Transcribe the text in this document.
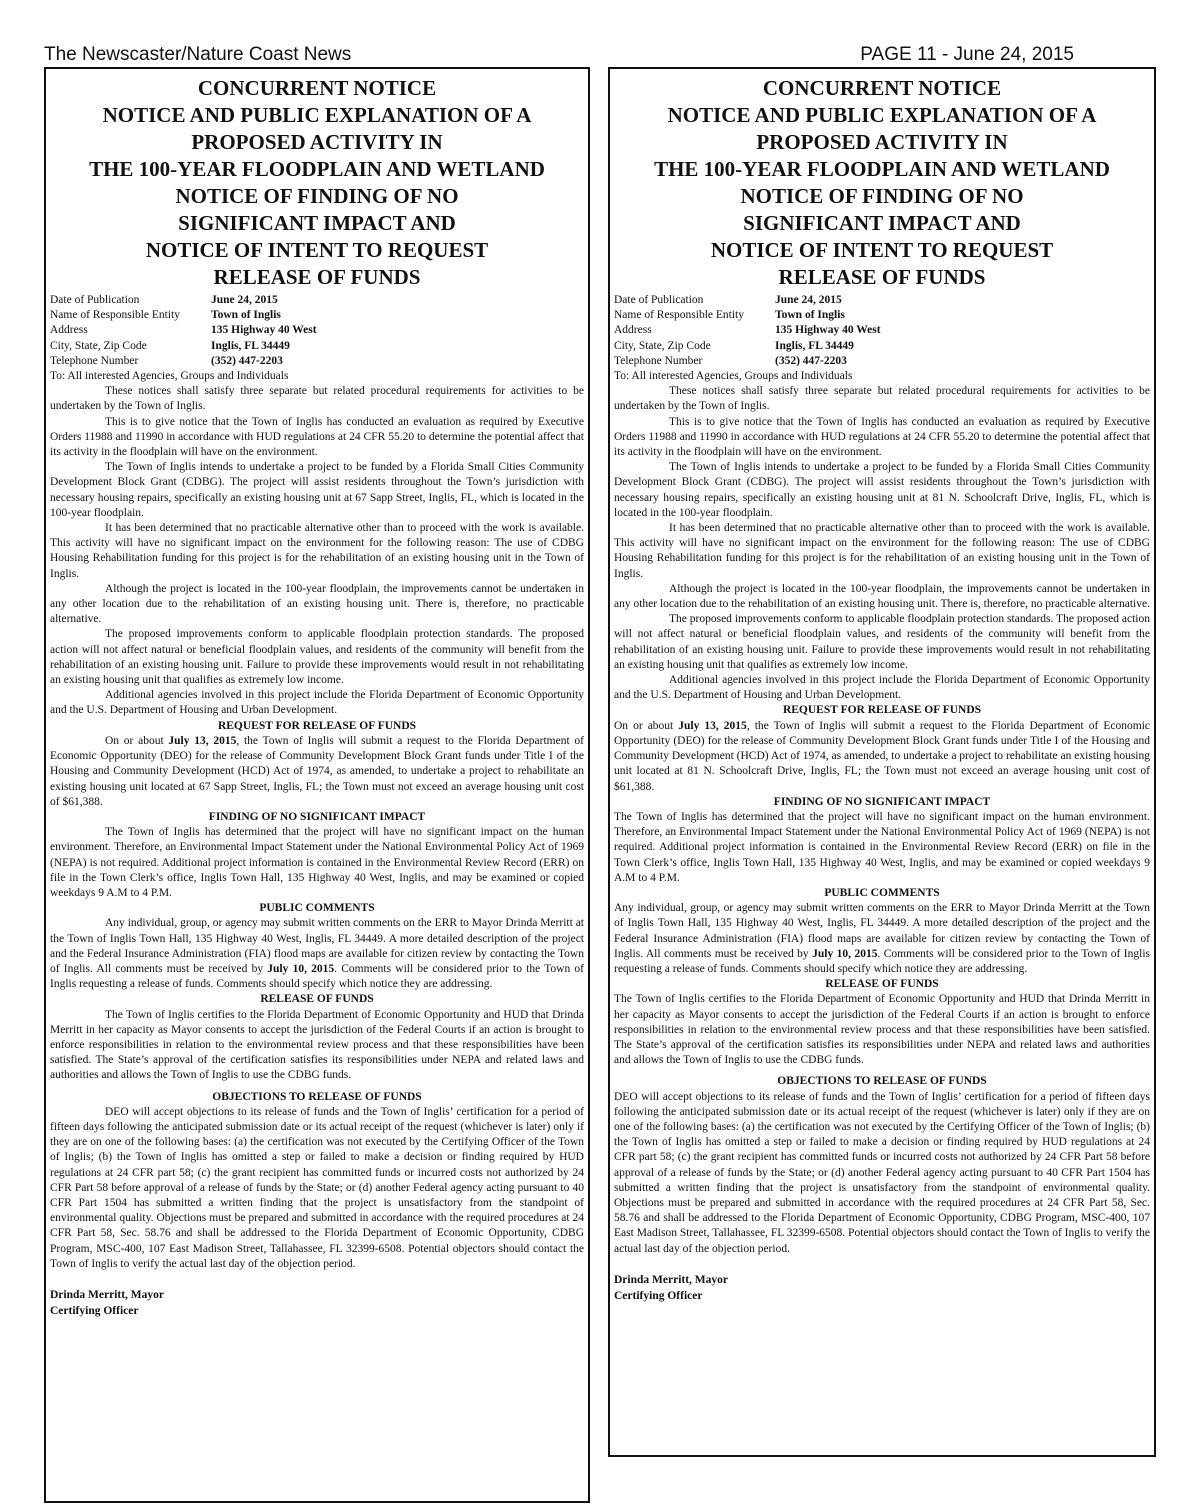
The Newscaster/Nature Coast News	PAGE 11 - June 24, 2015
CONCURRENT NOTICE
NOTICE AND PUBLIC EXPLANATION OF A
PROPOSED ACTIVITY IN
THE 100-YEAR FLOODPLAIN AND WETLAND
NOTICE OF FINDING OF NO
SIGNIFICANT IMPACT AND
NOTICE OF INTENT TO REQUEST
RELEASE OF FUNDS
Date of Publication	June 24, 2015
Name of Responsible Entity	Town of Inglis
Address	135 Highway 40 West
City, State, Zip Code	Inglis, FL 34449
Telephone Number	(352) 447-2203
To: All interested Agencies, Groups and Individuals

These notices shall satisfy three separate but related procedural requirements for activities to be undertaken by the Town of Inglis.

This is to give notice that the Town of Inglis has conducted an evaluation as required by Executive Orders 11988 and 11990 in accordance with HUD regulations at 24 CFR 55.20 to determine the potential affect that its activity in the floodplain will have on the environment.

The Town of Inglis intends to undertake a project to be funded by a Florida Small Cities Community Development Block Grant (CDBG). The project will assist residents throughout the Town’s jurisdiction with necessary housing repairs, specifically an existing housing unit at 67 Sapp Street, Inglis, FL, which is located in the 100-year floodplain.

It has been determined that no practicable alternative other than to proceed with the work is available. This activity will have no significant impact on the environment for the following reason: The use of CDBG Housing Rehabilitation funding for this project is for the rehabilitation of an existing housing unit in the Town of Inglis.

Although the project is located in the 100-year floodplain, the improvements cannot be undertaken in any other location due to the rehabilitation of an existing housing unit. There is, therefore, no practicable alternative.

The proposed improvements conform to applicable floodplain protection standards. The proposed action will not affect natural or beneficial floodplain values, and residents of the community will benefit from the rehabilitation of an existing housing unit. Failure to provide these improvements would result in not rehabilitating an existing housing unit that qualifies as extremely low income.

Additional agencies involved in this project include the Florida Department of Economic Opportunity and the U.S. Department of Housing and Urban Development.

REQUEST FOR RELEASE OF FUNDS

On or about July 13, 2015, the Town of Inglis will submit a request to the Florida Department of Economic Opportunity (DEO) for the release of Community Development Block Grant funds under Title I of the Housing and Community Development (HCD) Act of 1974, as amended, to undertake a project to rehabilitate an existing housing unit located at 67 Sapp Street, Inglis, FL; the Town must not exceed an average housing unit cost of $61,388.

FINDING OF NO SIGNIFICANT IMPACT

The Town of Inglis has determined that the project will have no significant impact on the human environment. Therefore, an Environmental Impact Statement under the National Environmental Policy Act of 1969 (NEPA) is not required. Additional project information is contained in the Environmental Review Record (ERR) on file in the Town Clerk’s office, Inglis Town Hall, 135 Highway 40 West, Inglis, and may be examined or copied weekdays 9 A.M to 4 P.M.

PUBLIC COMMENTS

Any individual, group, or agency may submit written comments on the ERR to Mayor Drinda Merritt at the Town of Inglis Town Hall, 135 Highway 40 West, Inglis, FL 34449. A more detailed description of the project and the Federal Insurance Administration (FIA) flood maps are available for citizen review by contacting the Town of Inglis. All comments must be received by July 10, 2015. Comments will be considered prior to the Town of Inglis requesting a release of funds. Comments should specify which notice they are addressing.

RELEASE OF FUNDS

The Town of Inglis certifies to the Florida Department of Economic Opportunity and HUD that Drinda Merritt in her capacity as Mayor consents to accept the jurisdiction of the Federal Courts if an action is brought to enforce responsibilities in relation to the environmental review process and that these responsibilities have been satisfied. The State’s approval of the certification satisfies its responsibilities under NEPA and related laws and authorities and allows the Town of Inglis to use the CDBG funds.

OBJECTIONS TO RELEASE OF FUNDS

DEO will accept objections to its release of funds and the Town of Inglis’ certification for a period of fifteen days following the anticipated submission date or its actual receipt of the request (whichever is later) only if they are on one of the following bases: (a) the certification was not executed by the Certifying Officer of the Town of Inglis; (b) the Town of Inglis has omitted a step or failed to make a decision or finding required by HUD regulations at 24 CFR part 58; (c) the grant recipient has committed funds or incurred costs not authorized by 24 CFR Part 58 before approval of a release of funds by the State; or (d) another Federal agency acting pursuant to 40 CFR Part 1504 has submitted a written finding that the project is unsatisfactory from the standpoint of environmental quality. Objections must be prepared and submitted in accordance with the required procedures at 24 CFR Part 58, Sec. 58.76 and shall be addressed to the Florida Department of Economic Opportunity, CDBG Program, MSC-400, 107 East Madison Street, Tallahassee, FL 32399-6508. Potential objectors should contact the Town of Inglis to verify the actual last day of the objection period.

Drinda Merritt, Mayor
Certifying Officer
CONCURRENT NOTICE
NOTICE AND PUBLIC EXPLANATION OF A
PROPOSED ACTIVITY IN
THE 100-YEAR FLOODPLAIN AND WETLAND
NOTICE OF FINDING OF NO
SIGNIFICANT IMPACT AND
NOTICE OF INTENT TO REQUEST
RELEASE OF FUNDS
Date of Publication	June 24, 2015
Name of Responsible Entity	Town of Inglis
Address	135 Highway 40 West
City, State, Zip Code	Inglis, FL 34449
Telephone Number	(352) 447-2203
To: All interested Agencies, Groups and Individuals

These notices shall satisfy three separate but related procedural requirements for activities to be undertaken by the Town of Inglis.

This is to give notice that the Town of Inglis has conducted an evaluation as required by Executive Orders 11988 and 11990 in accordance with HUD regulations at 24 CFR 55.20 to determine the potential affect that its activity in the floodplain will have on the environment.

The Town of Inglis intends to undertake a project to be funded by a Florida Small Cities Community Development Block Grant (CDBG). The project will assist residents throughout the Town’s jurisdiction with necessary housing repairs, specifically an existing housing unit at 81 N. Schoolcraft Drive, Inglis, FL, which is located in the 100-year floodplain.

It has been determined that no practicable alternative other than to proceed with the work is available. This activity will have no significant impact on the environment for the following reason: The use of CDBG Housing Rehabilitation funding for this project is for the rehabilitation of an existing housing unit in the Town of Inglis.

Although the project is located in the 100-year floodplain, the improvements cannot be undertaken in any other location due to the rehabilitation of an existing housing unit. There is, therefore, no practicable alternative.

The proposed improvements conform to applicable floodplain protection standards. The proposed action will not affect natural or beneficial floodplain values, and residents of the community will benefit from the rehabilitation of an existing housing unit. Failure to provide these improvements would result in not rehabilitating an existing housing unit that qualifies as extremely low income.

Additional agencies involved in this project include the Florida Department of Economic Opportunity and the U.S. Department of Housing and Urban Development.

REQUEST FOR RELEASE OF FUNDS

On or about July 13, 2015, the Town of Inglis will submit a request to the Florida Department of Economic Opportunity (DEO) for the release of Community Development Block Grant funds under Title I of the Housing and Community Development (HCD) Act of 1974, as amended, to undertake a project to rehabilitate an existing housing unit located at 81 N. Schoolcraft Drive, Inglis, FL; the Town must not exceed an average housing unit cost of $61,388.

FINDING OF NO SIGNIFICANT IMPACT

The Town of Inglis has determined that the project will have no significant impact on the human environment. Therefore, an Environmental Impact Statement under the National Environmental Policy Act of 1969 (NEPA) is not required. Additional project information is contained in the Environmental Review Record (ERR) on file in the Town Clerk’s office, Inglis Town Hall, 135 Highway 40 West, Inglis, and may be examined or copied weekdays 9 A.M to 4 P.M.

PUBLIC COMMENTS

Any individual, group, or agency may submit written comments on the ERR to Mayor Drinda Merritt at the Town of Inglis Town Hall, 135 Highway 40 West, Inglis, FL 34449. A more detailed description of the project and the Federal Insurance Administration (FIA) flood maps are available for citizen review by contacting the Town of Inglis. All comments must be received by July 10, 2015. Comments will be considered prior to the Town of Inglis requesting a release of funds. Comments should specify which notice they are addressing.

RELEASE OF FUNDS

The Town of Inglis certifies to the Florida Department of Economic Opportunity and HUD that Drinda Merritt in her capacity as Mayor consents to accept the jurisdiction of the Federal Courts if an action is brought to enforce responsibilities in relation to the environmental review process and that these responsibilities have been satisfied. The State’s approval of the certification satisfies its responsibilities under NEPA and related laws and authorities and allows the Town of Inglis to use the CDBG funds.

OBJECTIONS TO RELEASE OF FUNDS

DEO will accept objections to its release of funds and the Town of Inglis’ certification for a period of fifteen days following the anticipated submission date or its actual receipt of the request (whichever is later) only if they are on one of the following bases: (a) the certification was not executed by the Certifying Officer of the Town of Inglis; (b) the Town of Inglis has omitted a step or failed to make a decision or finding required by HUD regulations at 24 CFR part 58; (c) the grant recipient has committed funds or incurred costs not authorized by 24 CFR Part 58 before approval of a release of funds by the State; or (d) another Federal agency acting pursuant to 40 CFR Part 1504 has submitted a written finding that the project is unsatisfactory from the standpoint of environmental quality. Objections must be prepared and submitted in accordance with the required procedures at 24 CFR Part 58, Sec. 58.76 and shall be addressed to the Florida Department of Economic Opportunity, CDBG Program, MSC-400, 107 East Madison Street, Tallahassee, FL 32399-6508. Potential objectors should contact the Town of Inglis to verify the actual last day of the objection period.

Drinda Merritt, Mayor
Certifying Officer
